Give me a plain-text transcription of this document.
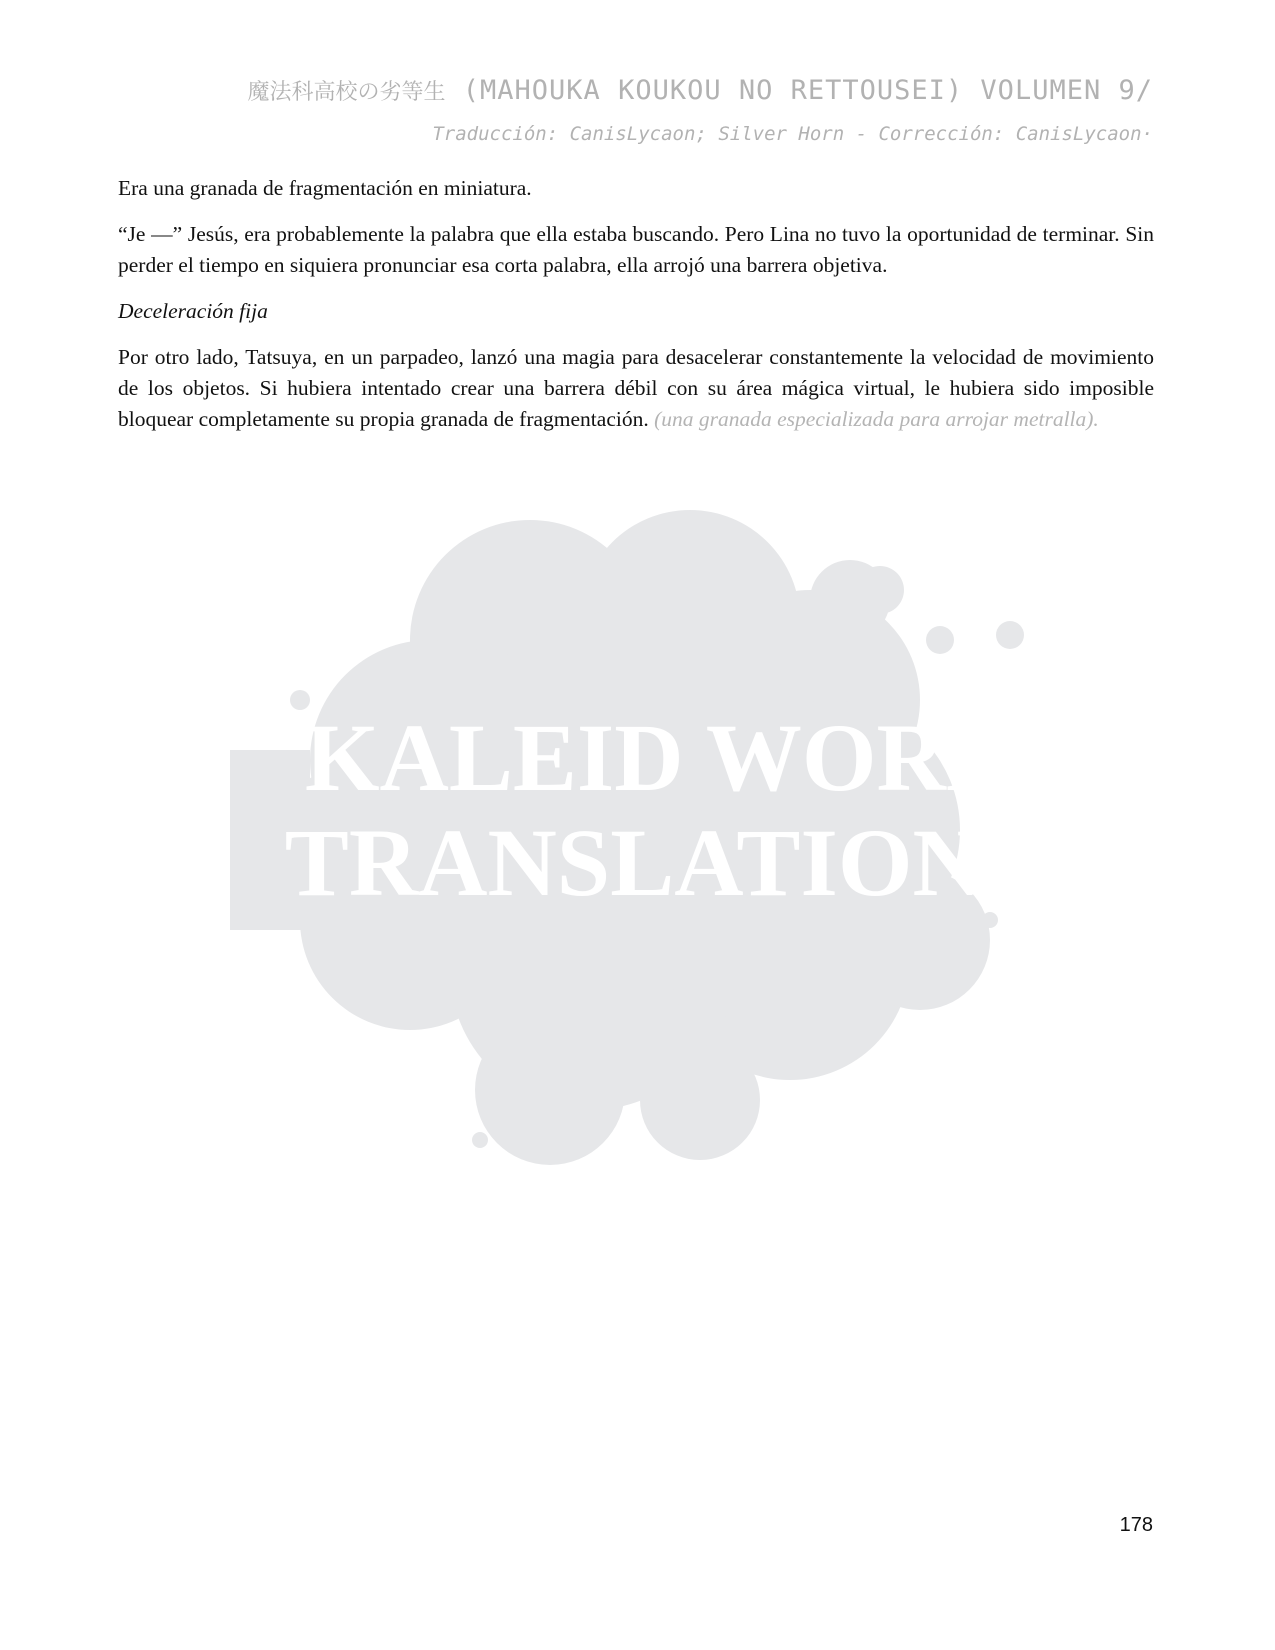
魔法科高校の劣等生 (MAHOUKA KOUKOU NO RETTOUSEI) VOLUMEN 9/
Traducción: CanisLycaon; Silver Horn - Corrección: CanisLycaon·

Era una granada de fragmentación en miniatura.

“Je —” Jesús, era probablemente la palabra que ella estaba buscando. Pero Lina no tuvo la oportunidad de terminar. Sin perder el tiempo en siquiera pronunciar esa corta palabra, ella arrojó una barrera objetiva.

Deceleración fija

Por otro lado, Tatsuya, en un parpadeo, lanzó una magia para desacelerar constantemente la velocidad de movimiento de los objetos. Si hubiera intentado crear una barrera débil con su área mágica virtual, le hubiera sido imposible bloquear completamente su propia granada de fragmentación. (una granada especializada para arrojar metralla).

KALEID WORD
TRANSLATIONS
178
